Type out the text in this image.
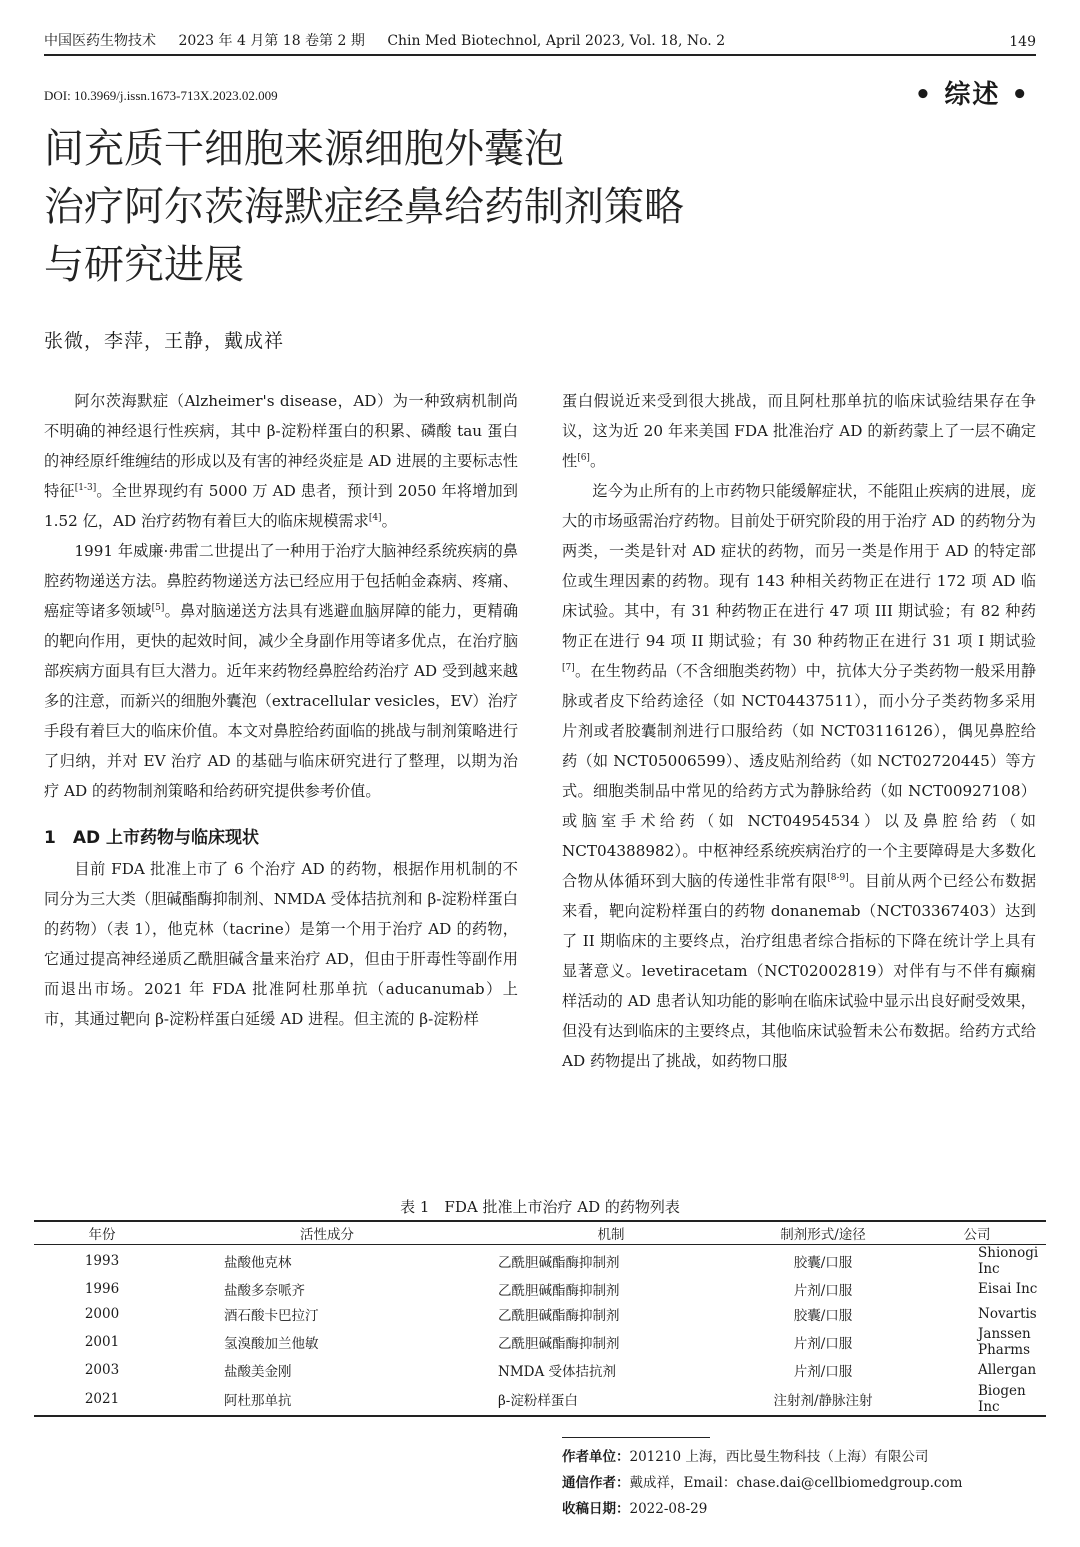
中国医药生物技术 2023 年 4 月第 18 卷第 2 期 Chin Med Biotechnol, April 2023, Vol. 18, No. 2	149
DOI: 10.3969/j.issn.1673-713X.2023.02.009	• 综述 •
间充质干细胞来源细胞外囊泡
治疗阿尔茨海默症经鼻给药制剂策略
与研究进展
张微，李萍，王静，戴成祥

阿尔茨海默症（Alzheimer's disease，AD）为一种致病机制尚不明确的神经退行性疾病，其中 β-淀粉样蛋白的积累、磷酸 tau 蛋白的神经原纤维缠结的形成以及有害的神经炎症是 AD 进展的主要标志性特征[1-3]。全世界现约有 5000 万 AD 患者，预计到 2050 年将增加到 1.52 亿，AD 治疗药物有着巨大的临床规模需求[4]。

1991 年威廉·弗雷二世提出了一种用于治疗大脑神经系统疾病的鼻腔药物递送方法。鼻腔药物递送方法已经应用于包括帕金森病、疼痛、癌症等诸多领域[5]。鼻对脑递送方法具有逃避血脑屏障的能力，更精确的靶向作用，更快的起效时间，减少全身副作用等诸多优点，在治疗脑部疾病方面具有巨大潜力。近年来药物经鼻腔给药治疗 AD 受到越来越多的注意，而新兴的细胞外囊泡（extracellular vesicles，EV）治疗手段有着巨大的临床价值。本文对鼻腔给药面临的挑战与制剂策略进行了归纳，并对 EV 治疗 AD 的基础与临床研究进行了整理，以期为治疗 AD 的药物制剂策略和给药研究提供参考价值。

1　AD 上市药物与临床现状

目前 FDA 批准上市了 6 个治疗 AD 的药物，根据作用机制的不同分为三大类（胆碱酯酶抑制剂、NMDA 受体拮抗剂和 β-淀粉样蛋白的药物）（表 1），他克林（tacrine）是第一个用于治疗 AD 的药物，它通过提高神经递质乙酰胆碱含量来治疗 AD，但由于肝毒性等副作用而退出市场。2021 年 FDA 批准阿杜那单抗（aducanumab）上市，其通过靶向 β-淀粉样蛋白延缓 AD 进程。但主流的 β-淀粉样

蛋白假说近来受到很大挑战，而且阿杜那单抗的临床试验结果存在争议，这为近 20 年来美国 FDA 批准治疗 AD 的新药蒙上了一层不确定性[6]。

迄今为止所有的上市药物只能缓解症状，不能阻止疾病的进展，庞大的市场亟需治疗药物。目前处于研究阶段的用于治疗 AD 的药物分为两类，一类是针对 AD 症状的药物，而另一类是作用于 AD 的特定部位或生理因素的药物。现有 143 种相关药物正在进行 172 项 AD 临床试验。其中，有 31 种药物正在进行 47 项 III 期试验；有 82 种药物正在进行 94 项 II 期试验；有 30 种药物正在进行 31 项 I 期试验[7]。在生物药品（不含细胞类药物）中，抗体大分子类药物一般采用静脉或者皮下给药途径（如 NCT04437511），而小分子类药物多采用片剂或者胶囊制剂进行口服给药（如 NCT03116126），偶见鼻腔给药（如 NCT05006599）、透皮贴剂给药（如 NCT02720445）等方式。细胞类制品中常见的给药方式为静脉给药（如 NCT00927108）或脑室手术给药（如 NCT04954534）以及鼻腔给药（如 NCT04388982）。中枢神经系统疾病治疗的一个主要障碍是大多数化合物从体循环到大脑的传递性非常有限[8-9]。目前从两个已经公布数据来看，靶向淀粉样蛋白的药物 donanemab（NCT03367403）达到了 II 期临床的主要终点，治疗组患者综合指标的下降在统计学上具有显著意义。levetiracetam（NCT02002819）对伴有与不伴有癫痫样活动的 AD 患者认知功能的影响在临床试验中显示出良好耐受效果，但没有达到临床的主要终点，其他临床试验暂未公布数据。给药方式给 AD 药物提出了挑战，如药物口服

表 1　FDA 批准上市治疗 AD 的药物列表
年份	活性成分	机制	制剂形式/途径	公司
1993	盐酸他克林	乙酰胆碱酯酶抑制剂	胶囊/口服	Shionogi Inc
1996	盐酸多奈哌齐	乙酰胆碱酯酶抑制剂	片剂/口服	Eisai Inc
2000	酒石酸卡巴拉汀	乙酰胆碱酯酶抑制剂	胶囊/口服	Novartis
2001	氢溴酸加兰他敏	乙酰胆碱酯酶抑制剂	片剂/口服	Janssen Pharms
2003	盐酸美金刚	NMDA 受体拮抗剂	片剂/口服	Allergan
2021	阿杜那单抗	β-淀粉样蛋白	注射剂/静脉注射	Biogen Inc
作者单位：201210 上海，西比曼生物科技（上海）有限公司
通信作者：戴成祥，Email：chase.dai@cellbiomedgroup.com
收稿日期：2022-08-29
